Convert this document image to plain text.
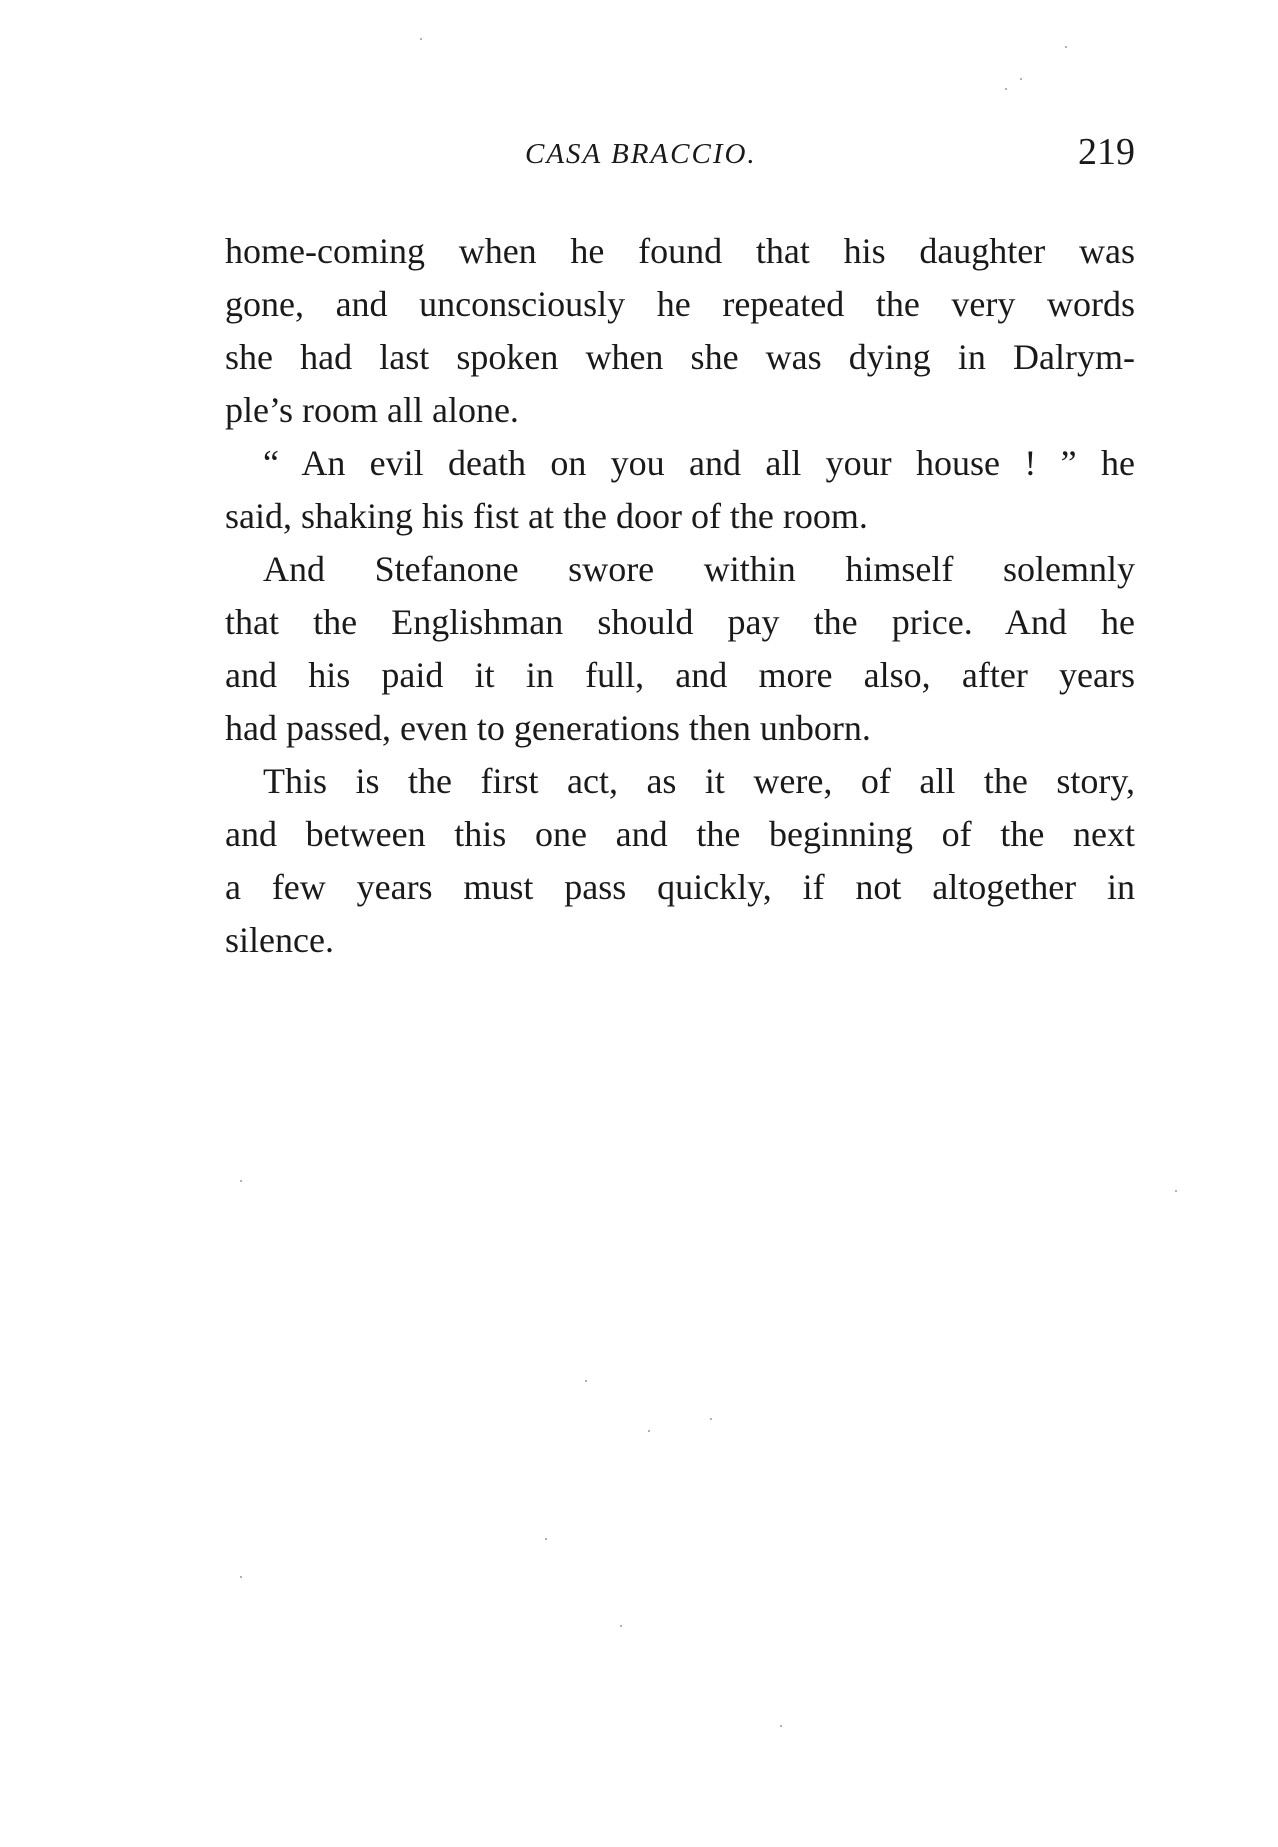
CASA BRACCIO.	219

home-coming when he found that his daughter was
gone, and unconsciously he repeated the very words
she had last spoken when she was dying in Dalrym-

ple’s room all alone.

“ An evil death on you and all your house ! ” he

said, shaking his fist at the door of the room.

And Stefanone swore within himself solemnly

that the Englishman should pay the price. And he
and his paid it in full, and more also, after years

had passed, even to generations then unborn.

This is the first act, as it were, of all the story,

and between this one and the beginning of the next
a few years must pass quickly, if not altogether in

silence.
